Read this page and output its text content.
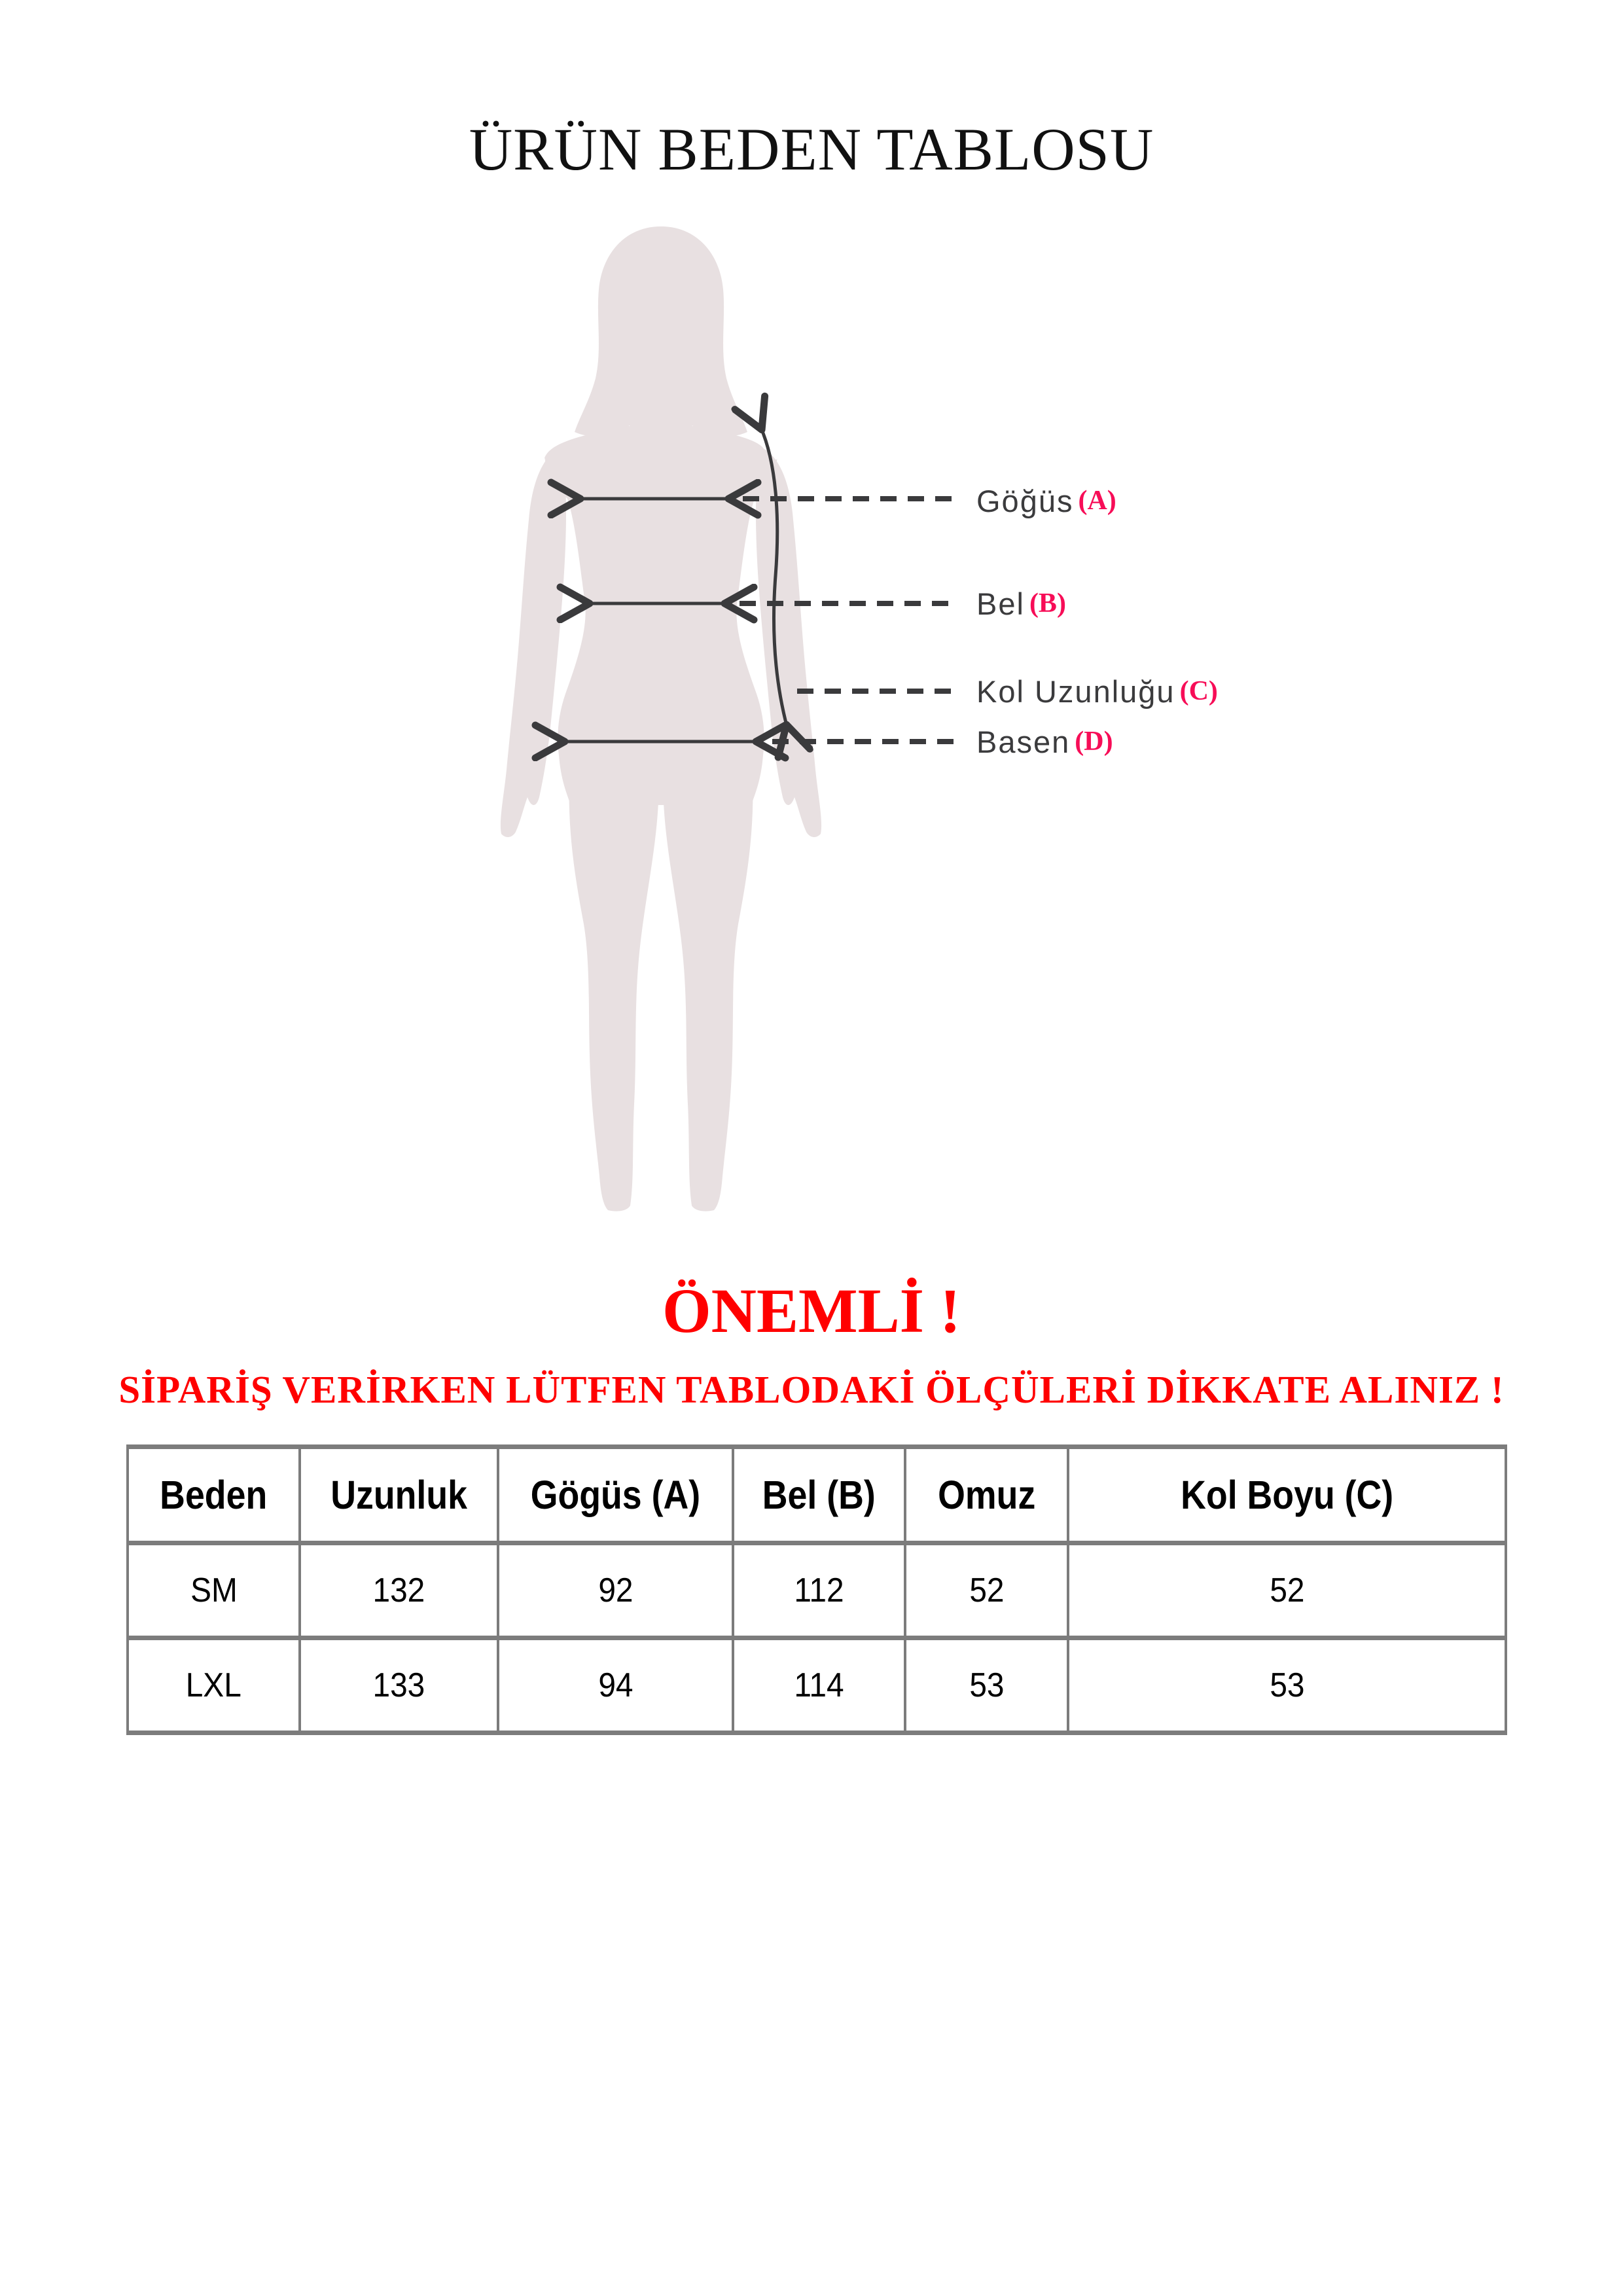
ÜRÜN BEDEN TABLOSU
Göğüs (A)
Bel (B)
Kol Uzunluğu (C)
Basen (D)
ÖNEMLİ !
SİPARİŞ VERİRKEN LÜTFEN TABLODAKİ ÖLÇÜLERİ DİKKATE ALINIZ !
Beden	Uzunluk	Gögüs (A)	Bel (B)	Omuz	Kol Boyu (C)
SM	132	92	112	52	52
LXL	133	94	114	53	53
